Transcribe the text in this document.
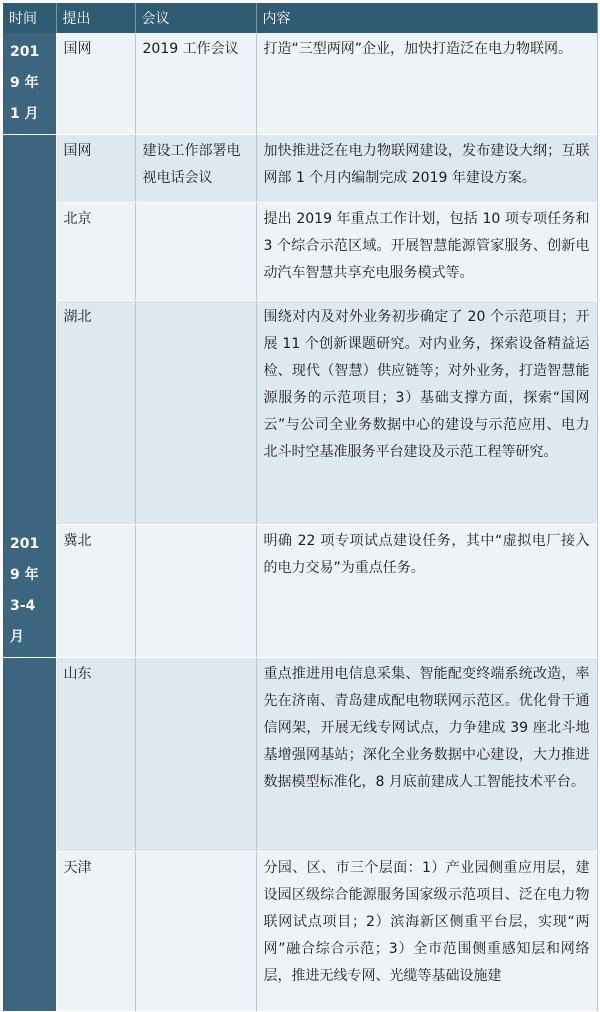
时间	提出	会议	内容
2019 年 1 月	国网	2019 工作会议	打造“三型两网”企业，加快打造泛在电力物联网。
	国网	建设工作部署电视电话会议	加快推进泛在电力物联网建设，发布建设大纲；互联网部 1 个月内编制完成 2019 年建设方案。
	北京		提出 2019 年重点工作计划，包括 10 项专项任务和 3 个综合示范区域。开展智慧能源管家服务、创新电动汽车智慧共享充电服务模式等。
	湖北		围绕对内及对外业务初步确定了 20 个示范项目；开展 11 个创新课题研究。对内业务，探索设备精益运检、现代（智慧）供应链等；对外业务，打造智慧能源服务的示范项目；3）基础支撑方面，探索“国网云”与公司全业务数据中心的建设与示范应用、电力北斗时空基准服务平台建设及示范工程等研究。
2019 年 3-4 月	冀北		明确 22 项专项试点建设任务，其中“虚拟电厂接入的电力交易”为重点任务。
	山东		重点推进用电信息采集、智能配变终端系统改造，率先在济南、青岛建成配电物联网示范区。优化骨干通信网架，开展无线专网试点，力争建成 39 座北斗地基增强网基站；深化全业务数据中心建设，大力推进数据模型标准化，8 月底前建成人工智能技术平台。
	天津		分园、区、市三个层面：1）产业园侧重应用层，建设园区级综合能源服务国家级示范项目、泛在电力物联网试点项目；2）滨海新区侧重平台层，实现“两网”融合综合示范；3）全市范围侧重感知层和网络层，推进无线专网、光缆等基础设施建
